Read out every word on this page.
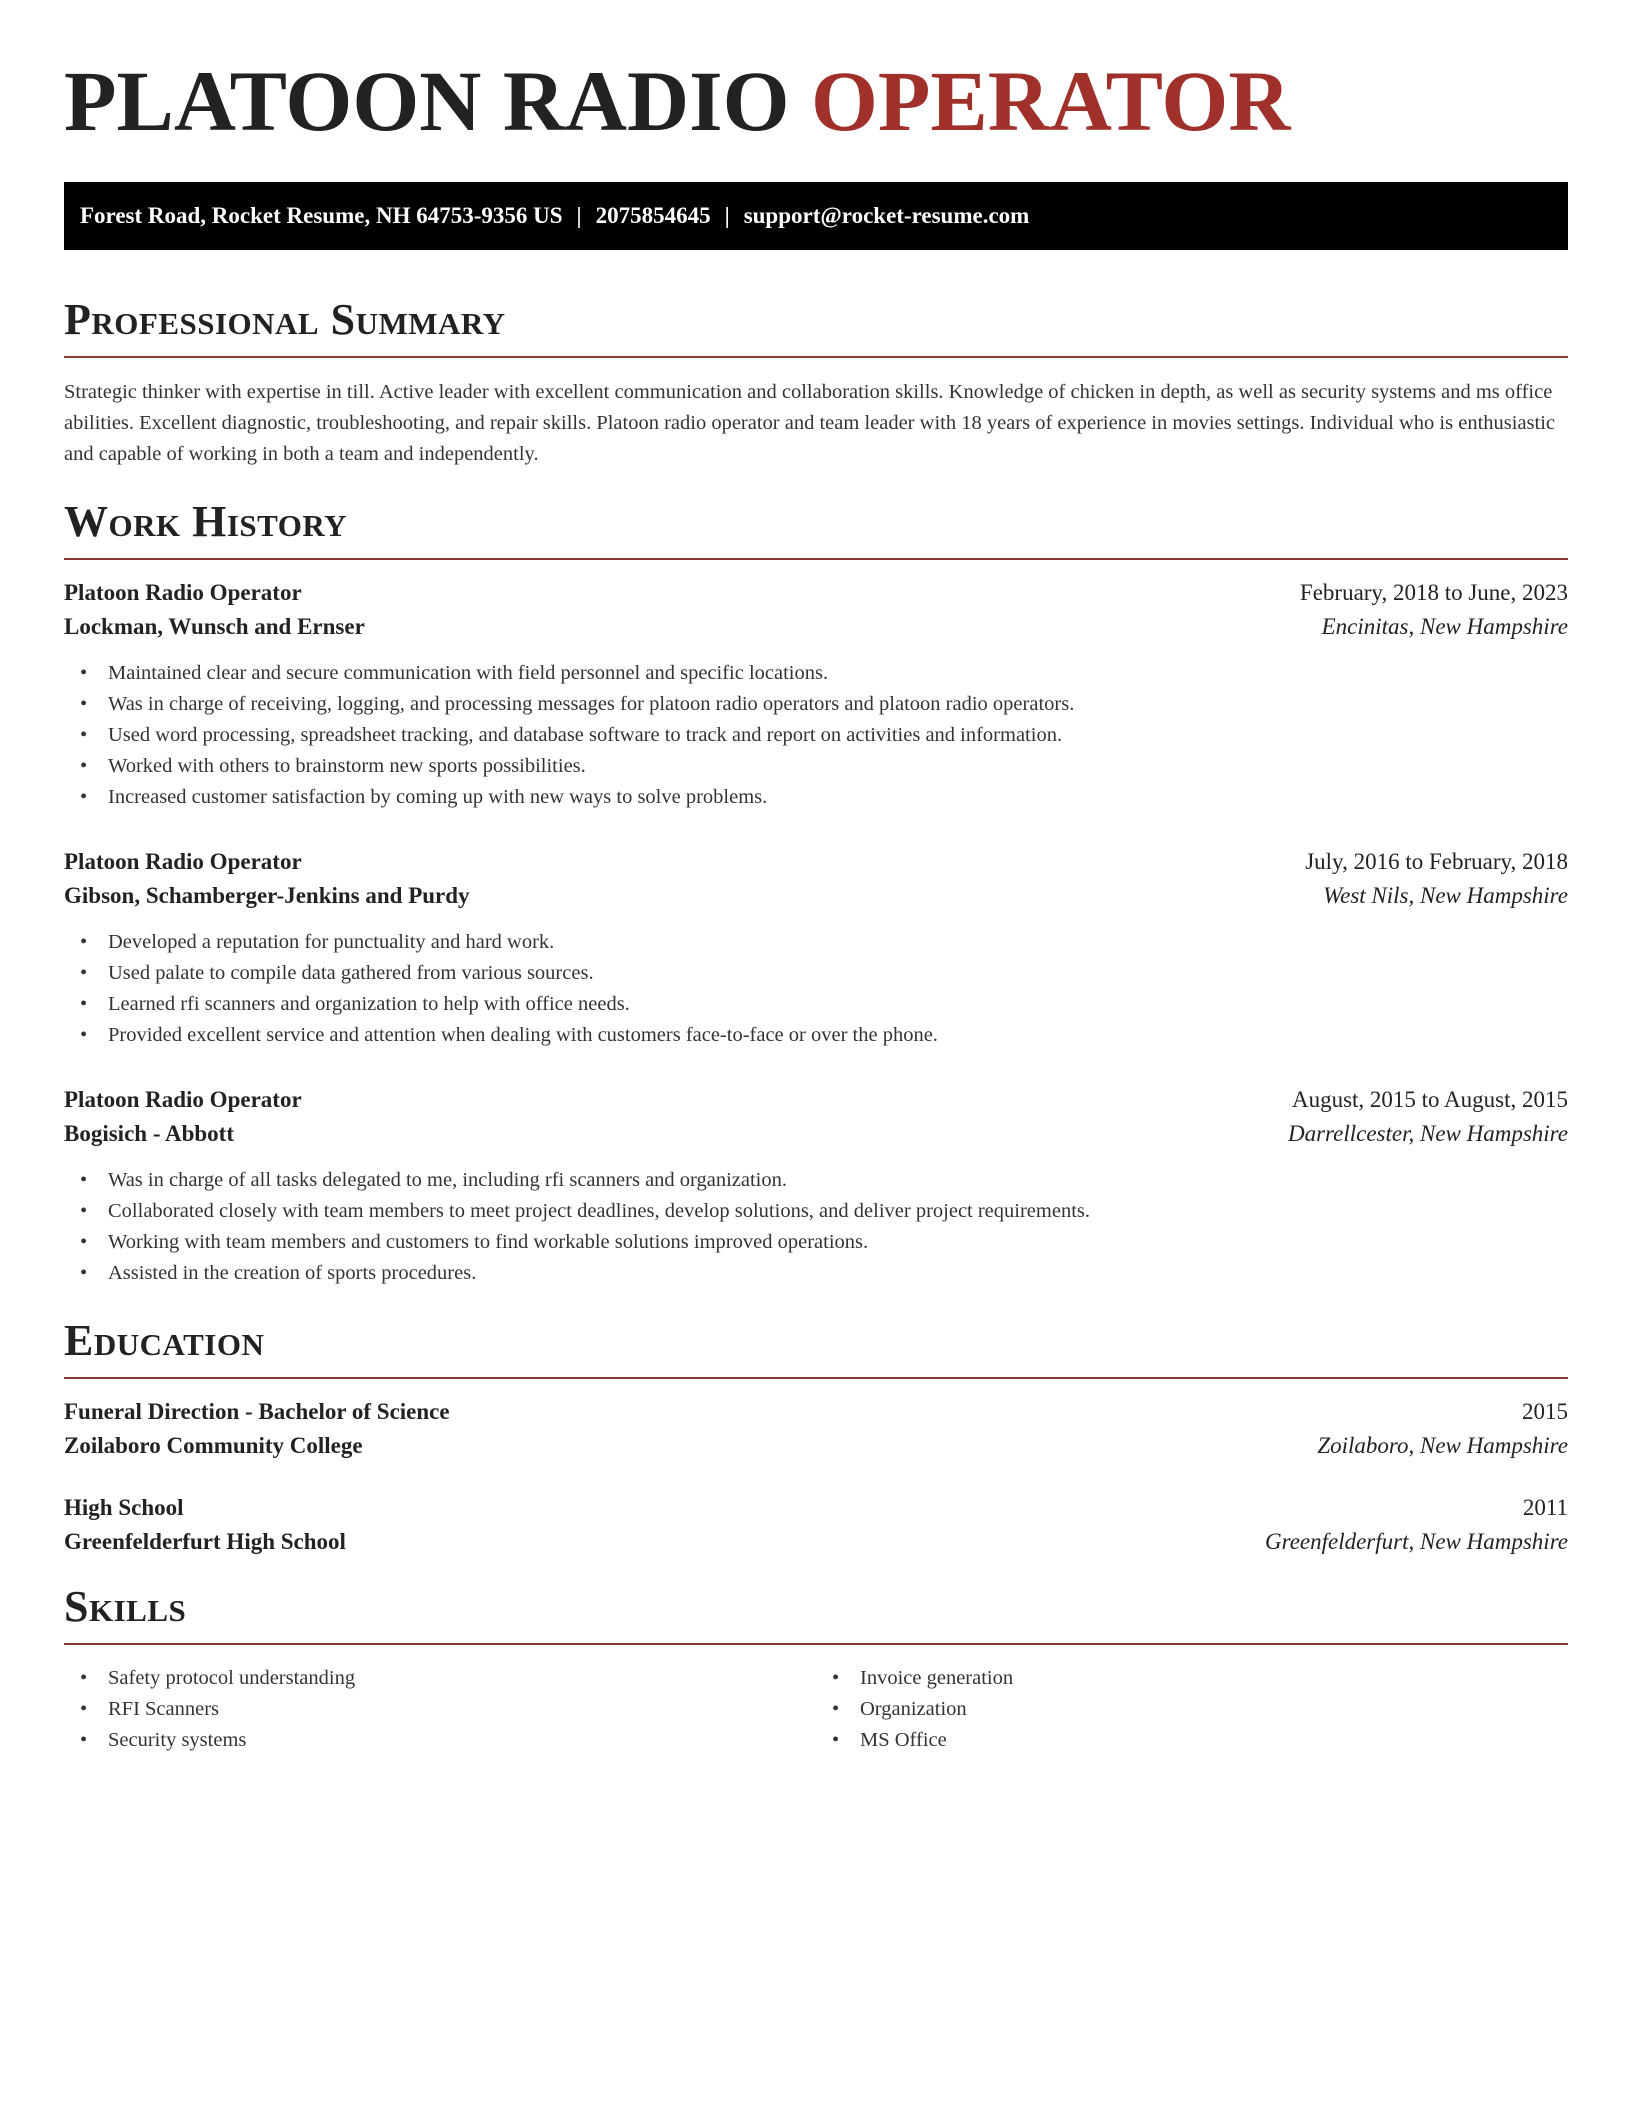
PLATOON RADIO OPERATOR
Forest Road, Rocket Resume, NH 64753-9356 US | 2075854645 | support@rocket-resume.com
Professional Summary

Strategic thinker with expertise in till. Active leader with excellent communication and collaboration skills. Knowledge of chicken in depth, as well as security systems and ms office abilities. Excellent diagnostic, troubleshooting, and repair skills. Platoon radio operator and team leader with 18 years of experience in movies settings. Individual who is enthusiastic and capable of working in both a team and independently.

Work History
Platoon Radio Operator	February, 2018 to June, 2023
Lockman, Wunsch and Ernser	Encinitas, New Hampshire
• Maintained clear and secure communication with field personnel and specific locations.
• Was in charge of receiving, logging, and processing messages for platoon radio operators and platoon radio operators.
• Used word processing, spreadsheet tracking, and database software to track and report on activities and information.
• Worked with others to brainstorm new sports possibilities.
• Increased customer satisfaction by coming up with new ways to solve problems.
Platoon Radio Operator	July, 2016 to February, 2018
Gibson, Schamberger-Jenkins and Purdy	West Nils, New Hampshire
• Developed a reputation for punctuality and hard work.
• Used palate to compile data gathered from various sources.
• Learned rfi scanners and organization to help with office needs.
• Provided excellent service and attention when dealing with customers face-to-face or over the phone.
Platoon Radio Operator	August, 2015 to August, 2015
Bogisich - Abbott	Darrellcester, New Hampshire
• Was in charge of all tasks delegated to me, including rfi scanners and organization.
• Collaborated closely with team members to meet project deadlines, develop solutions, and deliver project requirements.
• Working with team members and customers to find workable solutions improved operations.
• Assisted in the creation of sports procedures.
Education
Funeral Direction - Bachelor of Science	2015
Zoilaboro Community College	Zoilaboro, New Hampshire
High School	2011
Greenfelderfurt High School	Greenfelderfurt, New Hampshire
Skills
• Safety protocol understanding
• RFI Scanners
• Security systems
• Invoice generation
• Organization
• MS Office
